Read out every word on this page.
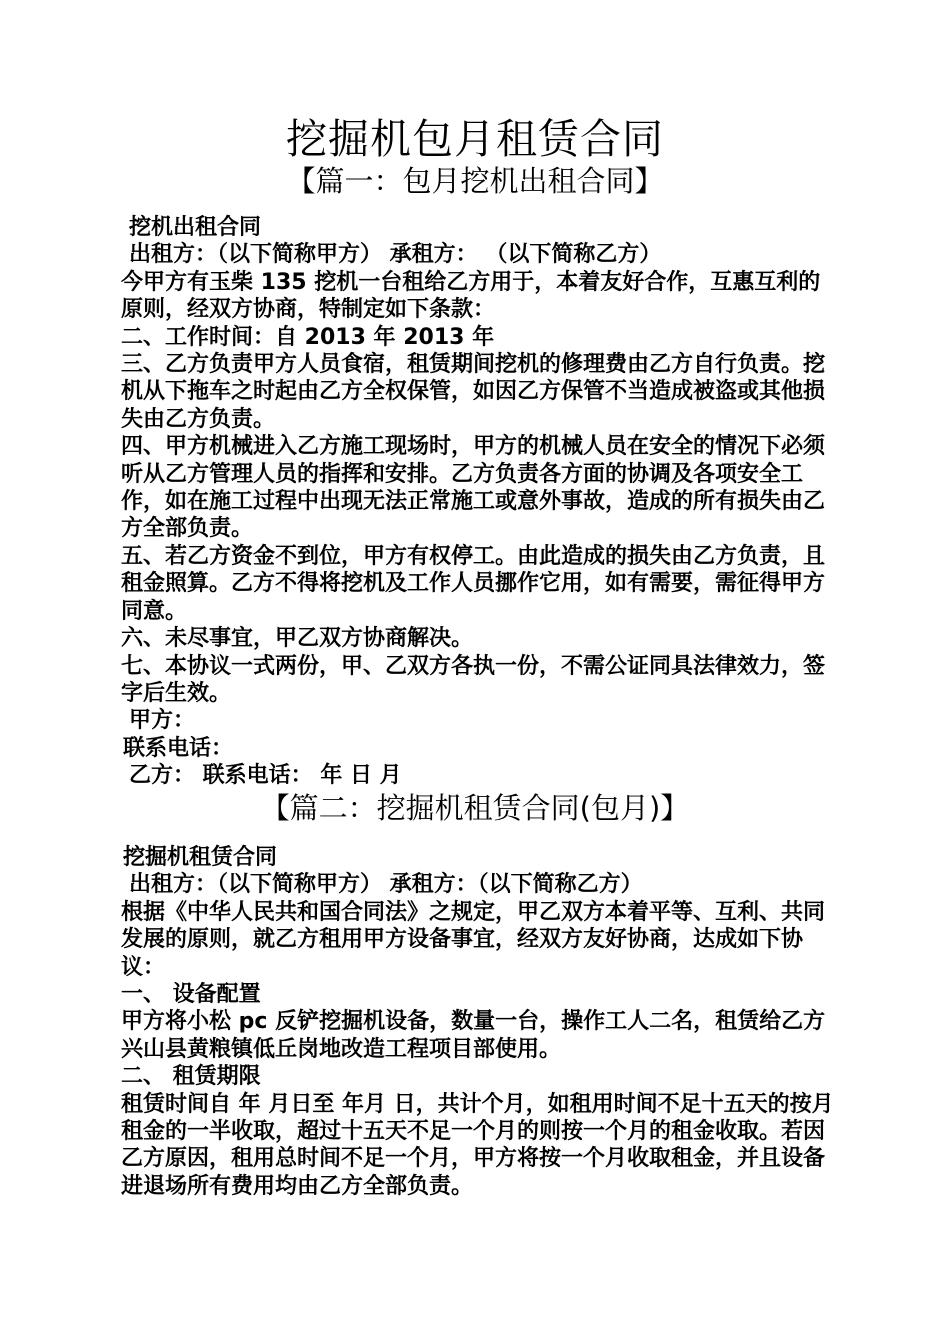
挖掘机包月租赁合同
【篇一：包月挖机出租合同】
挖机出租合同
出租方：（以下简称甲方） 承租方： （以下简称乙方）
今甲方有玉柴 135 挖机一台租给乙方用于，本着友好合作，互惠互利的原则，经双方协商，特制定如下条款：
二、工作时间：自 2013 年 2013 年
三、乙方负责甲方人员食宿，租赁期间挖机的修理费由乙方自行负责。挖机从下拖车之时起由乙方全权保管，如因乙方保管不当造成被盗或其他损失由乙方负责。
四、甲方机械进入乙方施工现场时，甲方的机械人员在安全的情况下必须听从乙方管理人员的指挥和安排。乙方负责各方面的协调及各项安全工作，如在施工过程中出现无法正常施工或意外事故，造成的所有损失由乙方全部负责。
五、若乙方资金不到位，甲方有权停工。由此造成的损失由乙方负责，且租金照算。乙方不得将挖机及工作人员挪作它用，如有需要，需征得甲方同意。
六、未尽事宜，甲乙双方协商解决。
七、本协议一式两份，甲、乙双方各执一份，不需公证同具法律效力，签字后生效。
甲方：
联系电话：
乙方： 联系电话： 年 日 月
【篇二：挖掘机租赁合同(包月)】
挖掘机租赁合同
出租方：（以下简称甲方） 承租方：（以下简称乙方）
根据《中华人民共和国合同法》之规定，甲乙双方本着平等、互利、共同发展的原则，就乙方租用甲方设备事宜，经双方友好协商，达成如下协议：
一、 设备配置
甲方将小松 pc 反铲挖掘机设备，数量一台，操作工人二名，租赁给乙方兴山县黄粮镇低丘岗地改造工程项目部使用。
二、 租赁期限
租赁时间自 年 月日至 年月 日，共计个月，如租用时间不足十五天的按月租金的一半收取，超过十五天不足一个月的则按一个月的租金收取。若因乙方原因，租用总时间不足一个月，甲方将按一个月收取租金，并且设备进退场所有费用均由乙方全部负责。
